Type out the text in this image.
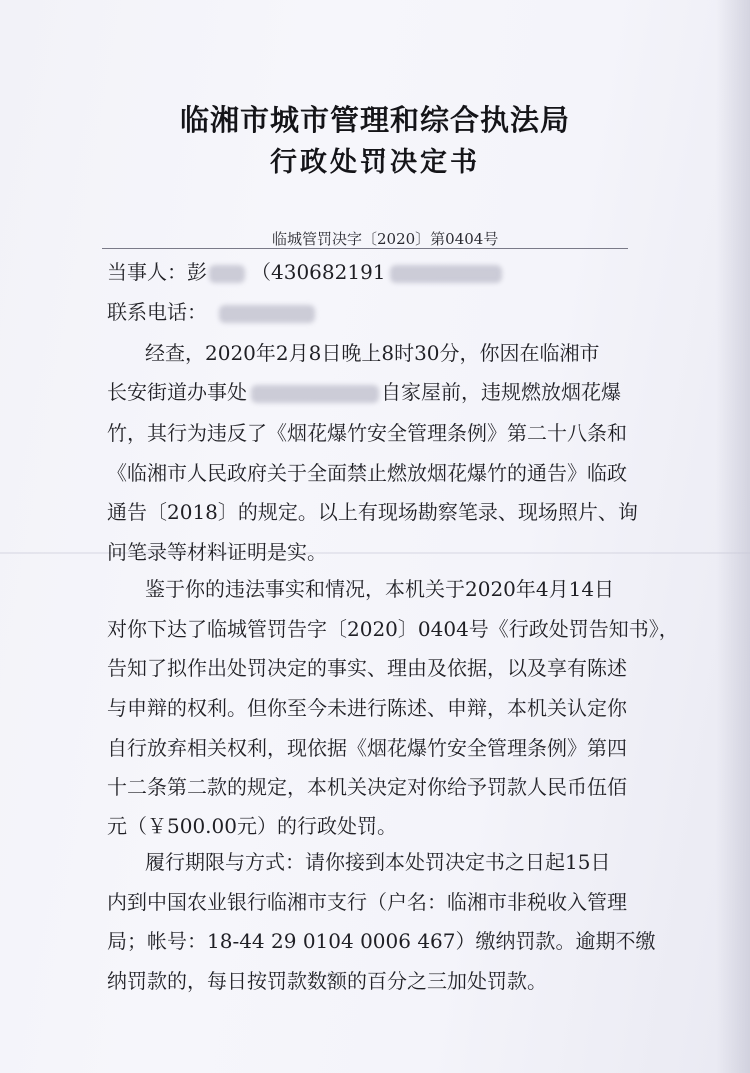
临湘市城市管理和综合执法局
行政处罚决定书
临城管罚决字〔2020〕第0404号
当事人：彭 （430682191
联系电话：
经查，2020年2月8日晚上8时30分，你因在临湘市
长安街道办事处	自家屋前，违规燃放烟花爆
竹，其行为违反了《烟花爆竹安全管理条例》第二十八条和
《临湘市人民政府关于全面禁止燃放烟花爆竹的通告》临政
通告〔2018〕的规定。以上有现场勘察笔录、现场照片、询
问笔录等材料证明是实。
鉴于你的违法事实和情况，本机关于2020年4月14日
对你下达了临城管罚告字〔2020〕0404号《行政处罚告知书》，
告知了拟作出处罚决定的事实、理由及依据，以及享有陈述
与申辩的权利。但你至今未进行陈述、申辩，本机关认定你
自行放弃相关权利，现依据《烟花爆竹安全管理条例》第四
十二条第二款的规定，本机关决定对你给予罚款人民币伍佰
元（￥500.00元）的行政处罚。
履行期限与方式：请你接到本处罚决定书之日起15日
内到中国农业银行临湘市支行（户名：临湘市非税收入管理
局；帐号：18-44 29 0104 0006 467）缴纳罚款。逾期不缴
纳罚款的，每日按罚款数额的百分之三加处罚款。
